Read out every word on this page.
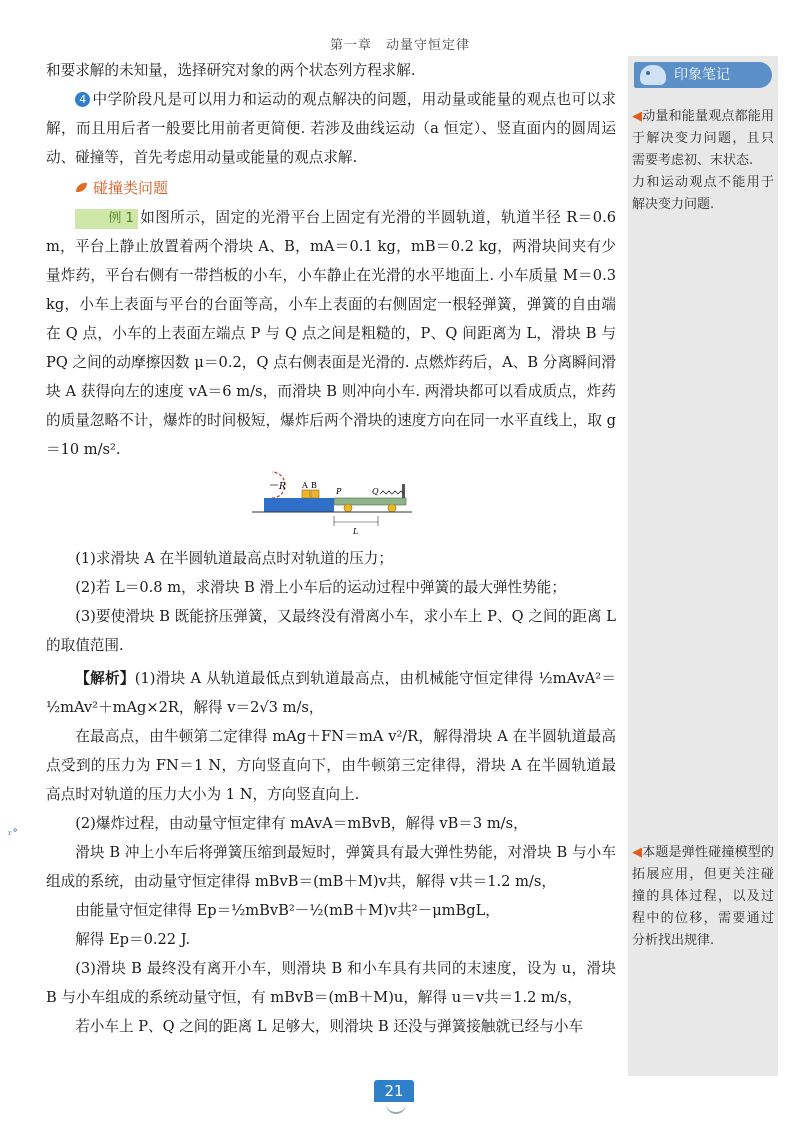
第一章　动量守恒定律

和要求解的未知量，选择研究对象的两个状态列方程求解.

4 中学阶段凡是可以用力和运动的观点解决的问题，用动量或能量的观点也可以求解，而且用后者一般要比用前者更简便. 若涉及曲线运动（a 恒定）、竖直面内的圆周运动、碰撞等，首先考虑用动量或能量的观点求解.

碰撞类问题

例 1 如图所示，固定的光滑平台上固定有光滑的半圆轨道，轨道半径 R＝0.6 m，平台上静止放置着两个滑块 A、B，mA＝0.1 kg，mB＝0.2 kg，两滑块间夹有少量炸药，平台右侧有一带挡板的小车，小车静止在光滑的水平地面上. 小车质量 M＝0.3 kg，小车上表面与平台的台面等高，小车上表面的右侧固定一根轻弹簧，弹簧的自由端在 Q 点，小车的上表面左端点 P 与 Q 点之间是粗糙的，P、Q 间距离为 L，滑块 B 与 PQ 之间的动摩擦因数 μ＝0.2，Q 点右侧表面是光滑的. 点燃炸药后，A、B 分离瞬间滑块 A 获得向左的速度 vA＝6 m/s，而滑块 B 则冲向小车. 两滑块都可以看成质点，炸药的质量忽略不计，爆炸的时间极短，爆炸后两个滑块的速度方向在同一水平直线上，取 g＝10 m/s².

R A B
P	Q
L

(1)求滑块 A 在半圆轨道最高点时对轨道的压力；

(2)若 L＝0.8 m，求滑块 B 滑上小车后的运动过程中弹簧的最大弹性势能；

(3)要使滑块 B 既能挤压弹簧，又最终没有滑离小车，求小车上 P、Q 之间的距离 L 的取值范围.

【解析】(1)滑块 A 从轨道最低点到轨道最高点，由机械能守恒定律得 ½mAvA²＝½mAv²＋mAg×2R，解得 v＝2√3 m/s，

在最高点，由牛顿第二定律得 mAg＋FN＝mA v²/R，解得滑块 A 在半圆轨道最高点受到的压力为 FN＝1 N，方向竖直向下，由牛顿第三定律得，滑块 A 在半圆轨道最高点时对轨道的压力大小为 1 N，方向竖直向上.

(2)爆炸过程，由动量守恒定律有 mAvA＝mBvB，解得 vB＝3 m/s，

滑块 B 冲上小车后将弹簧压缩到最短时，弹簧具有最大弹性势能，对滑块 B 与小车组成的系统，由动量守恒定律得 mBvB＝(mB＋M)v共，解得 v共＝1.2 m/s，

由能量守恒定律得 Ep＝½mBvB²－½(mB＋M)v共²－μmBgL，

解得 Ep＝0.22 J.

(3)滑块 B 最终没有离开小车，则滑块 B 和小车具有共同的末速度，设为 u，滑块 B 与小车组成的系统动量守恒，有 mBvB＝(mB＋M)u，解得 u＝v共＝1.2 m/s，

若小车上 P、Q 之间的距离 L 足够大，则滑块 B 还没与弹簧接触就已经与小车

印象笔记
◀动量和能量观点都能用于解决变力问题，且只需要考虑初、末状态.
力和运动观点不能用于解决变力问题.
◀本题是弹性碰撞模型的拓展应用，但更关注碰撞的具体过程，以及过程中的位移，需要通过分析找出规律.
ʳ˚
21
